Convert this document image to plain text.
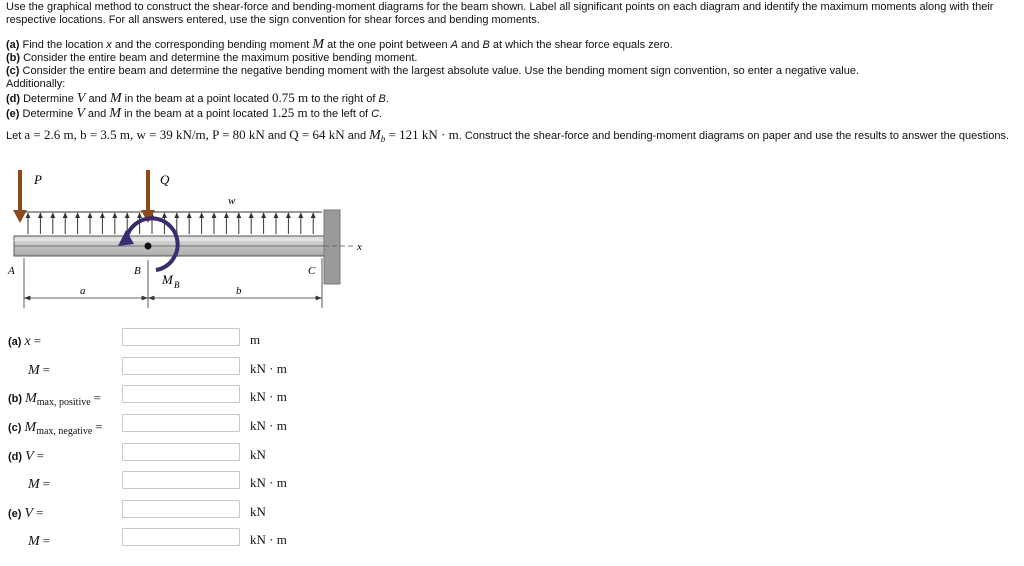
Use the graphical method to construct the shear-force and bending-moment diagrams for the beam shown. Label all significant points on each diagram and identify the maximum moments along with their respective locations. For all answers entered, use the sign convention for shear forces and bending moments.

(a) Find the location x and the corresponding bending moment M at the one point between A and B at which the shear force equals zero.

(b) Consider the entire beam and determine the maximum positive bending moment.

(c) Consider the entire beam and determine the negative bending moment with the largest absolute value. Use the bending moment sign convention, so enter a negative value.

Additionally:

(d) Determine V and M in the beam at a point located 0.75 m to the right of B.

(e) Determine V and M in the beam at a point located 1.25 m to the left of C.

Let a = 2.6 m, b = 3.5 m, w = 39 kN/m, P = 80 kN and Q = 64 kN and $M_b = 121$ kN · m. Construct the shear-force and bending-moment diagrams on paper and use the results to answer the questions.

x
P	Q
w
M B
A	B	C
a	b
(a) x =	m
M =	kN · m
(b) $M_{max, positive}$ =	kN · m
(c) $M_{max, negative}$ =	kN · m
(d) V =	kN
M =	kN · m
(e) V =	kN
M =	kN · m
